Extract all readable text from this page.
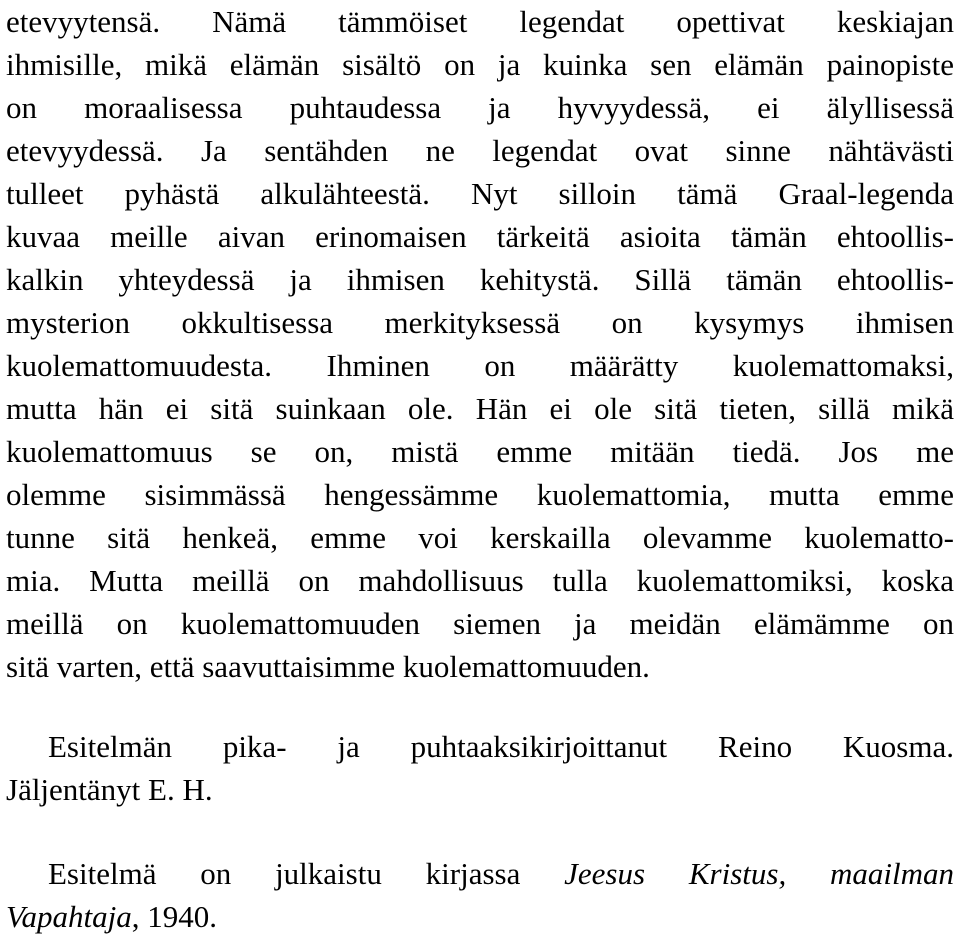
etevyytensä. Nämä tämmöiset legendat opettivat keskiajan
ihmisille, mikä elämän sisältö on ja kuinka sen elämän painopiste
on moraalisessa puhtaudessa ja hyvyydessä, ei älyllisessä
etevyydessä. Ja sentähden ne legendat ovat sinne nähtävästi
tulleet pyhästä alkulähteestä. Nyt silloin tämä Graal-legenda
kuvaa meille aivan erinomaisen tärkeitä asioita tämän ehtoollis-
kalkin yhteydessä ja ihmisen kehitystä. Sillä tämän ehtoollis-
mysterion okkultisessa merkityksessä on kysymys ihmisen
kuolemattomuudesta. Ihminen on määrätty kuolemattomaksi,
mutta hän ei sitä suinkaan ole. Hän ei ole sitä tieten, sillä mikä
kuolemattomuus se on, mistä emme mitään tiedä. Jos me
olemme sisimmässä hengessämme kuolemattomia, mutta emme
tunne sitä henkeä, emme voi kerskailla olevamme kuolematto-
mia. Mutta meillä on mahdollisuus tulla kuolemattomiksi, koska
meillä on kuolemattomuuden siemen ja meidän elämämme on
sitä varten, että saavuttaisimme kuolemattomuuden.
Esitelmän pika- ja puhtaaksikirjoittanut Reino Kuosma.
Jäljentänyt E. H.
Esitelmä on julkaistu kirjassa Jeesus Kristus, maailman
Vapahtaja, 1940.
